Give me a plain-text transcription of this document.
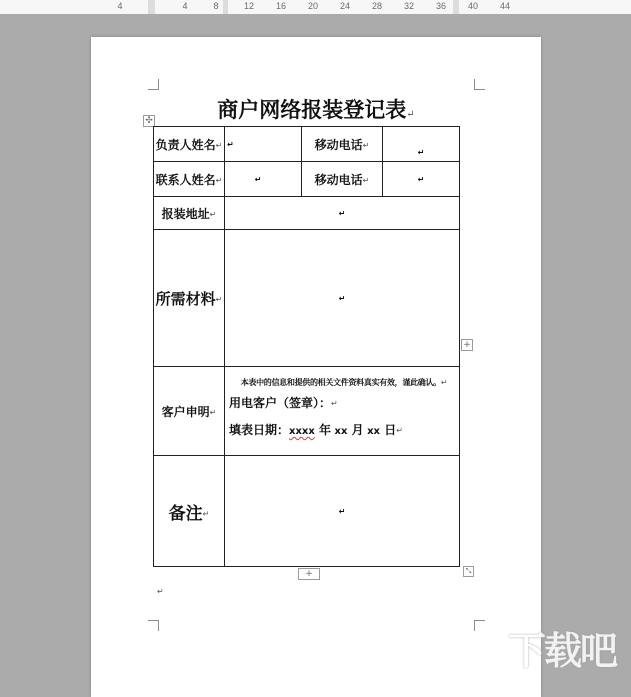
4	4	8	12 16 20 24 28 32 36 40 44
商户网络报装登记表↵
✣
负责人姓名↵	↵	移动电话↵	↵
联系人姓名↵	↵	移动电话↵	↵
报装地址↵	↵		
所需材料↵	↵		
客户申明↵	本表中的信息和提供的相关文件资料真实有效，谨此确认。↵
用电客户（签章）：↵
填表日期：xxxx 年 xx 月 xx 日↵		

备注↵	↵		
+
+	⤡
↵
下载吧
